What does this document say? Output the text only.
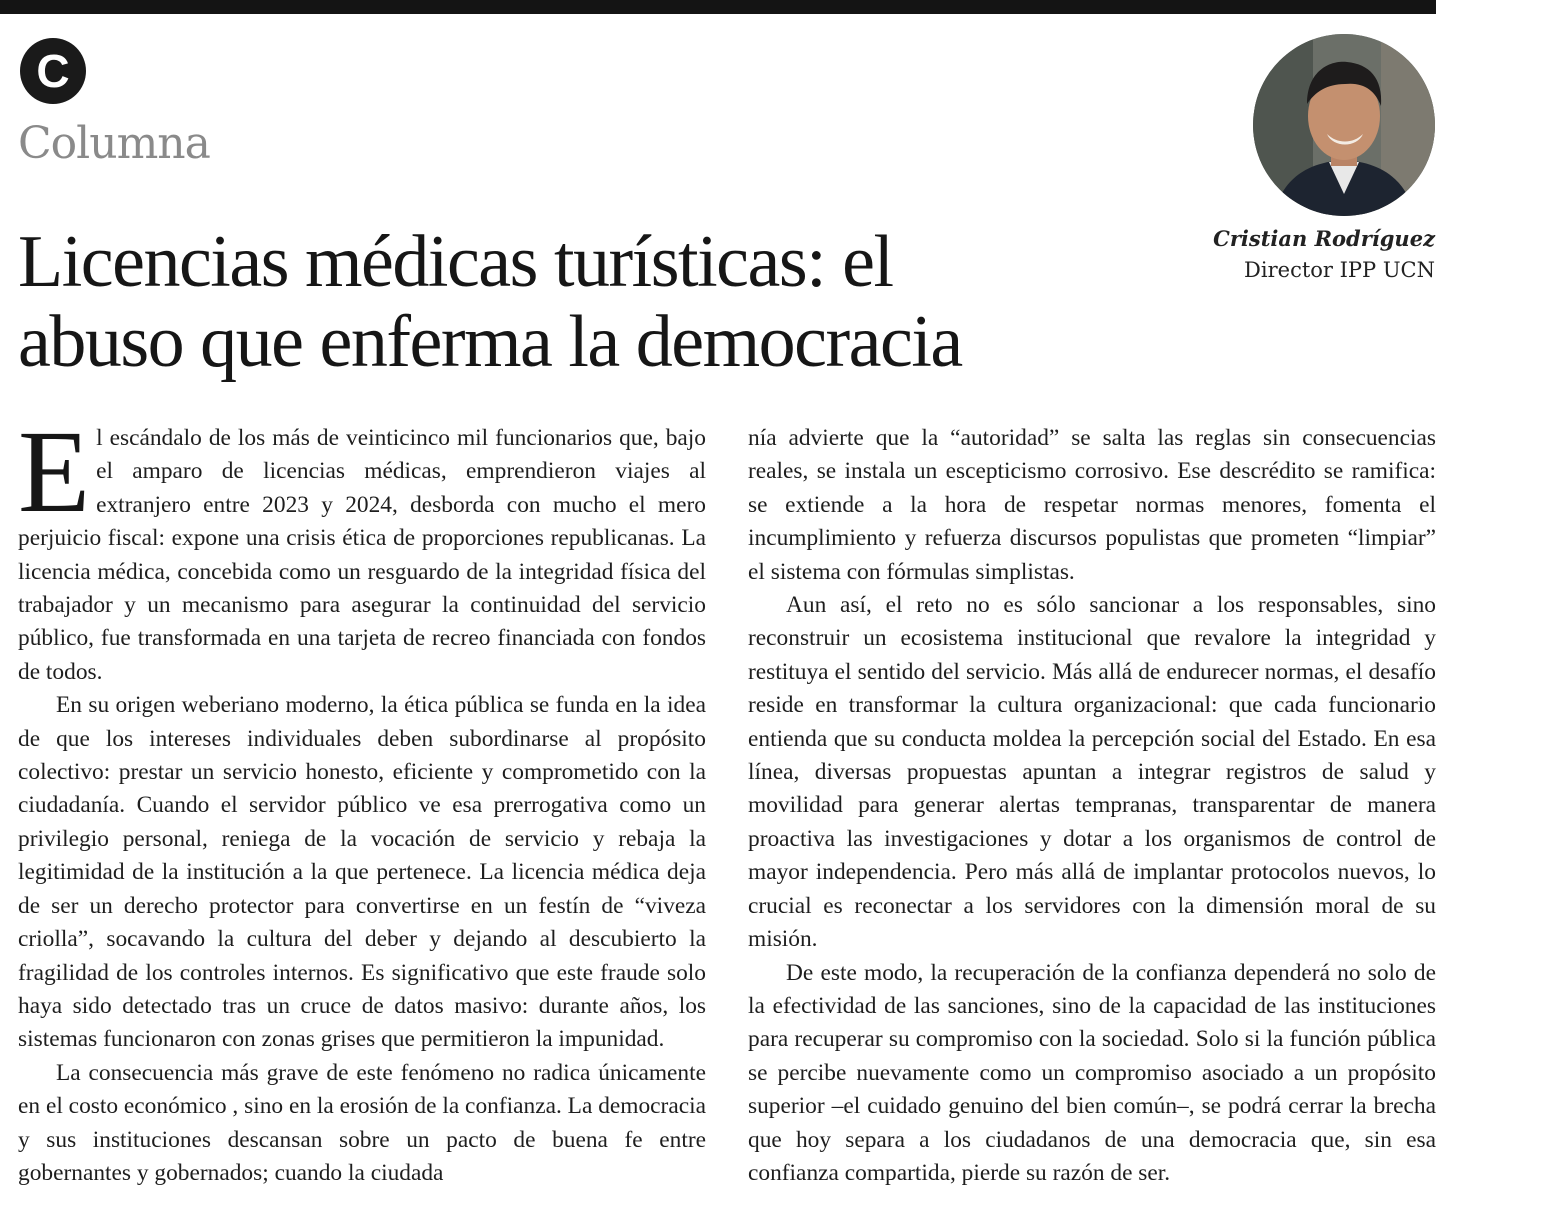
C
Columna
Licencias médicas turísticas: el
abuso que enferma la democracia
Cristian Rodríguez
Director IPP UCN

El escándalo de los más de veinticinco mil funcionarios que, bajo el amparo de licencias médicas, emprendieron viajes al extranjero entre 2023 y 2024, desborda con mucho el mero perjuicio fiscal: expone una crisis ética de proporciones republicanas. La licencia médica, concebida como un resguardo de la integridad física del trabajador y un mecanismo para asegurar la continuidad del servicio público, fue transformada en una tarjeta de recreo financiada con fondos de todos.

En su origen weberiano moderno, la ética pública se funda en la idea de que los intereses individuales deben subordinarse al propósito colectivo: prestar un servicio honesto, eficiente y comprometido con la ciudadanía. Cuando el servidor público ve esa prerrogativa como un privilegio personal, reniega de la vocación de servicio y rebaja la legitimidad de la institución a la que pertenece. La licencia médica deja de ser un derecho protector para convertirse en un festín de “viveza criolla”, socavando la cultura del deber y dejando al descubierto la fragilidad de los controles internos. Es significativo que este fraude solo haya sido detectado tras un cruce de datos masivo: durante años, los sistemas funcionaron con zonas grises que permitieron la impunidad.

La consecuencia más grave de este fenómeno no radica únicamente en el costo económico , sino en la erosión de la confianza. La democracia y sus instituciones descansan sobre un pacto de buena fe entre gobernantes y gobernados; cuando la ciudada

nía advierte que la “autoridad” se salta las reglas sin consecuencias reales, se instala un escepticismo corrosivo. Ese descrédito se ramifica: se extiende a la hora de respetar normas menores, fomenta el incumplimiento y refuerza discursos populistas que prometen “limpiar” el sistema con fórmulas simplistas.

Aun así, el reto no es sólo sancionar a los responsables, sino reconstruir un ecosistema institucional que revalore la integridad y restituya el sentido del servicio. Más allá de endurecer normas, el desafío reside en transformar la cultura organizacional: que cada funcionario entienda que su conducta moldea la percepción social del Estado. En esa línea, diversas propuestas apuntan a integrar registros de salud y movilidad para generar alertas tempranas, transparentar de manera proactiva las investigaciones y dotar a los organismos de control de mayor independencia. Pero más allá de implantar protocolos nuevos, lo crucial es reconectar a los servidores con la dimensión moral de su misión.

De este modo, la recuperación de la confianza dependerá no solo de la efectividad de las sanciones, sino de la capacidad de las instituciones para recuperar su compromiso con la sociedad. Solo si la función pública se percibe nuevamente como un compromiso asociado a un propósito superior –el cuidado genuino del bien común–, se podrá cerrar la brecha que hoy separa a los ciudadanos de una democracia que, sin esa confianza compartida, pierde su razón de ser.
